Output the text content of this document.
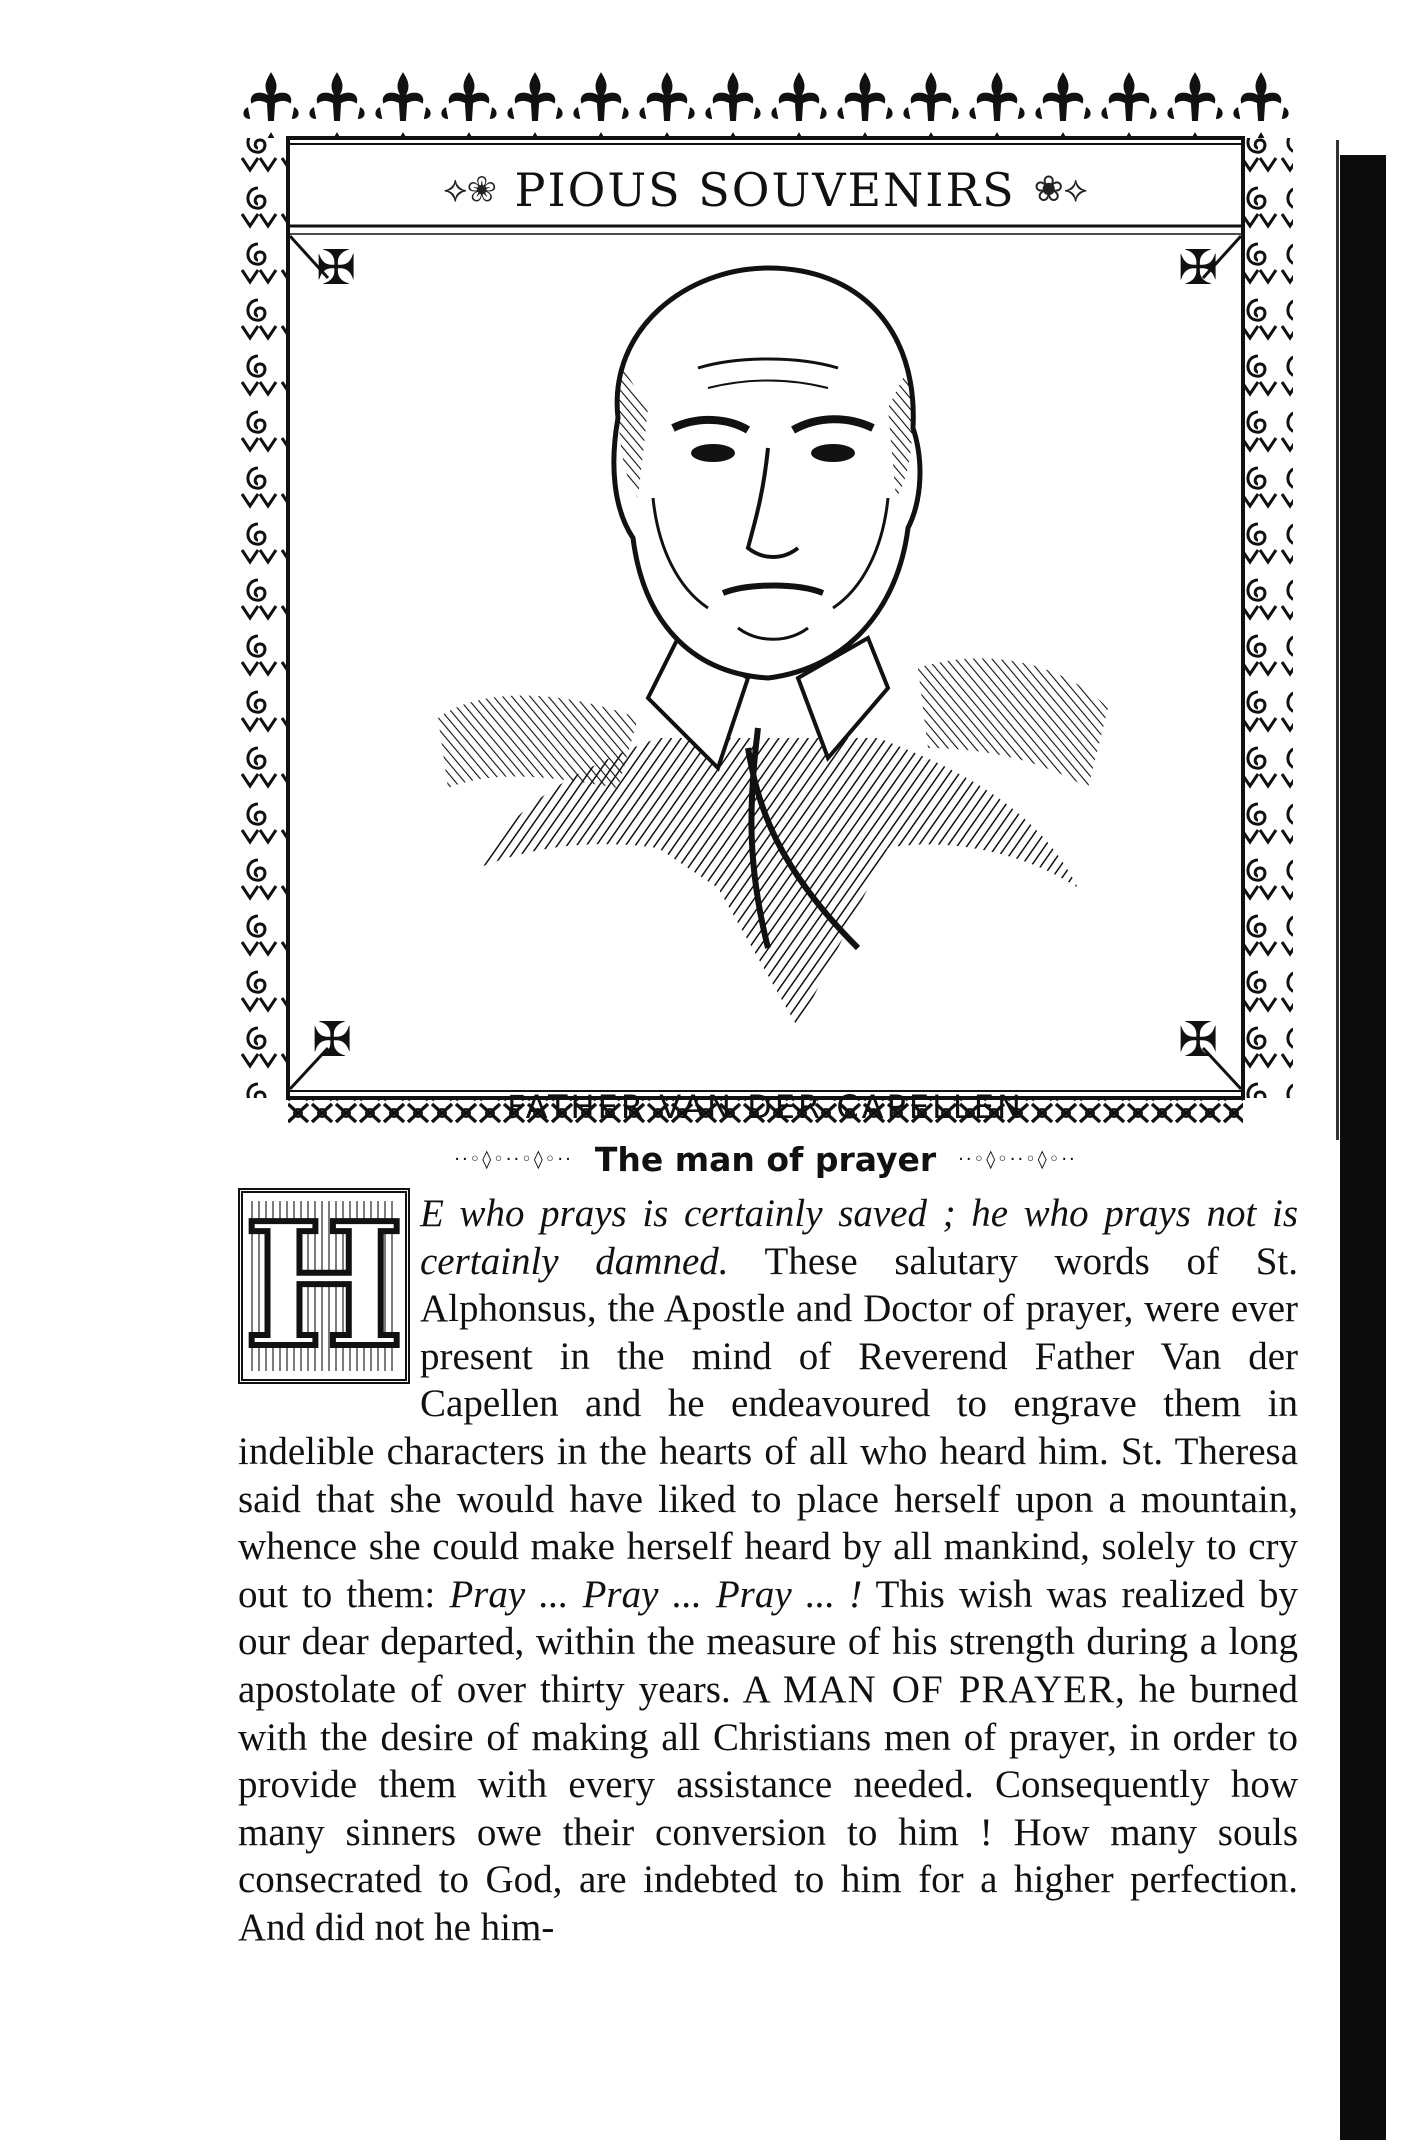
⟡❀ PIOUS SOUVENIRS ❀⟡
✠	✠
✠	✠
FATHER VAN DER CAPELLEN
··◦◊◦··◦◊◦·· The man of prayer ··◦◊◦··◦◊◦··
H E who prays is certainly saved ; he who prays not is certainly damned. These salutary words of St. Alphonsus, the Apostle and Doctor of prayer, were ever present in the mind of Reverend Father Van der Capellen and he endeavoured to engrave them in indelible characters in the hearts of all who heard him. St. Theresa said that she would have liked to place herself upon a mountain, whence she could make herself heard by all mankind, solely to cry out to them: Pray ... Pray ... Pray ... ! This wish was realized by our dear departed, within the measure of his strength during a long apostolate of over thirty years. A MAN OF PRAYER, he burned with the desire of making all Christians men of prayer, in order to provide them with every assistance needed. Consequently how many sinners owe their conversion to him ! How many souls consecrated to God, are indebted to him for a higher perfection. And did not he him-
